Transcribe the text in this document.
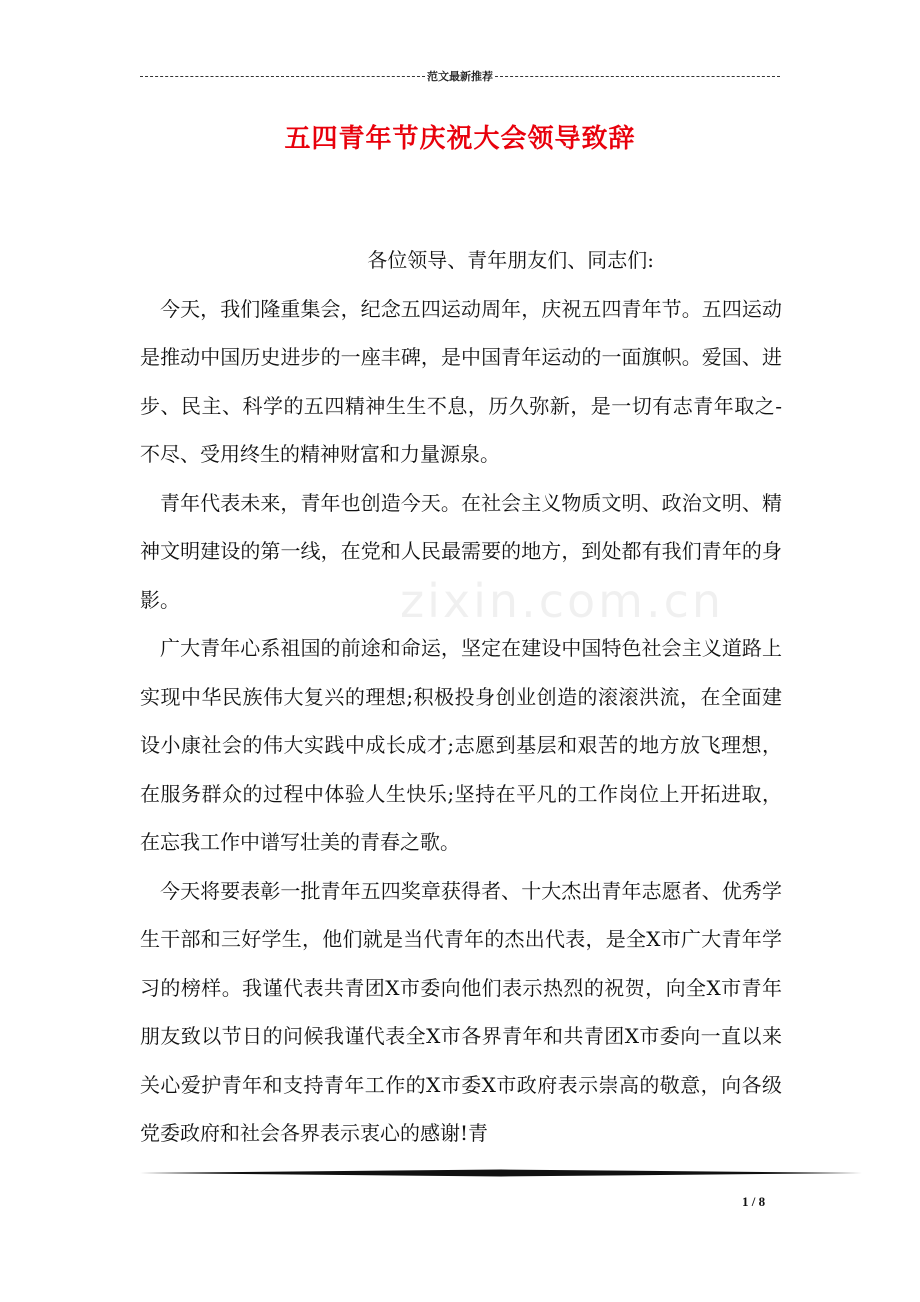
范文最新推荐
五四青年节庆祝大会领导致辞
zixin.com.cn

各位领导、青年朋友们、同志们:

今天，我们隆重集会，纪念五四运动周年，庆祝五四青年节。五四运动是推动中国历史进步的一座丰碑，是中国青年运动的一面旗帜。爱国、进步、民主、科学的五四精神生生不息，历久弥新，是一切有志青年取之-不尽、受用终生的精神财富和力量源泉。

青年代表未来，青年也创造今天。在社会主义物质文明、政治文明、精神文明建设的第一线，在党和人民最需要的地方，到处都有我们青年的身影。

广大青年心系祖国的前途和命运，坚定在建设中国特色社会主义道路上实现中华民族伟大复兴的理想;积极投身创业创造的滚滚洪流，在全面建设小康社会的伟大实践中成长成才;志愿到基层和艰苦的地方放飞理想，在服务群众的过程中体验人生快乐;坚持在平凡的工作岗位上开拓进取，在忘我工作中谱写壮美的青春之歌。

今天将要表彰一批青年五四奖章获得者、十大杰出青年志愿者、优秀学生干部和三好学生，他们就是当代青年的杰出代表，是全X市广大青年学习的榜样。我谨代表共青团X市委向他们表示热烈的祝贺，向全X市青年朋友致以节日的问候我谨代表全X市各界青年和共青团X市委向一直以来关心爱护青年和支持青年工作的X市委X市政府表示崇高的敬意，向各级党委政府和社会各界表示衷心的感谢!青

1 / 8
